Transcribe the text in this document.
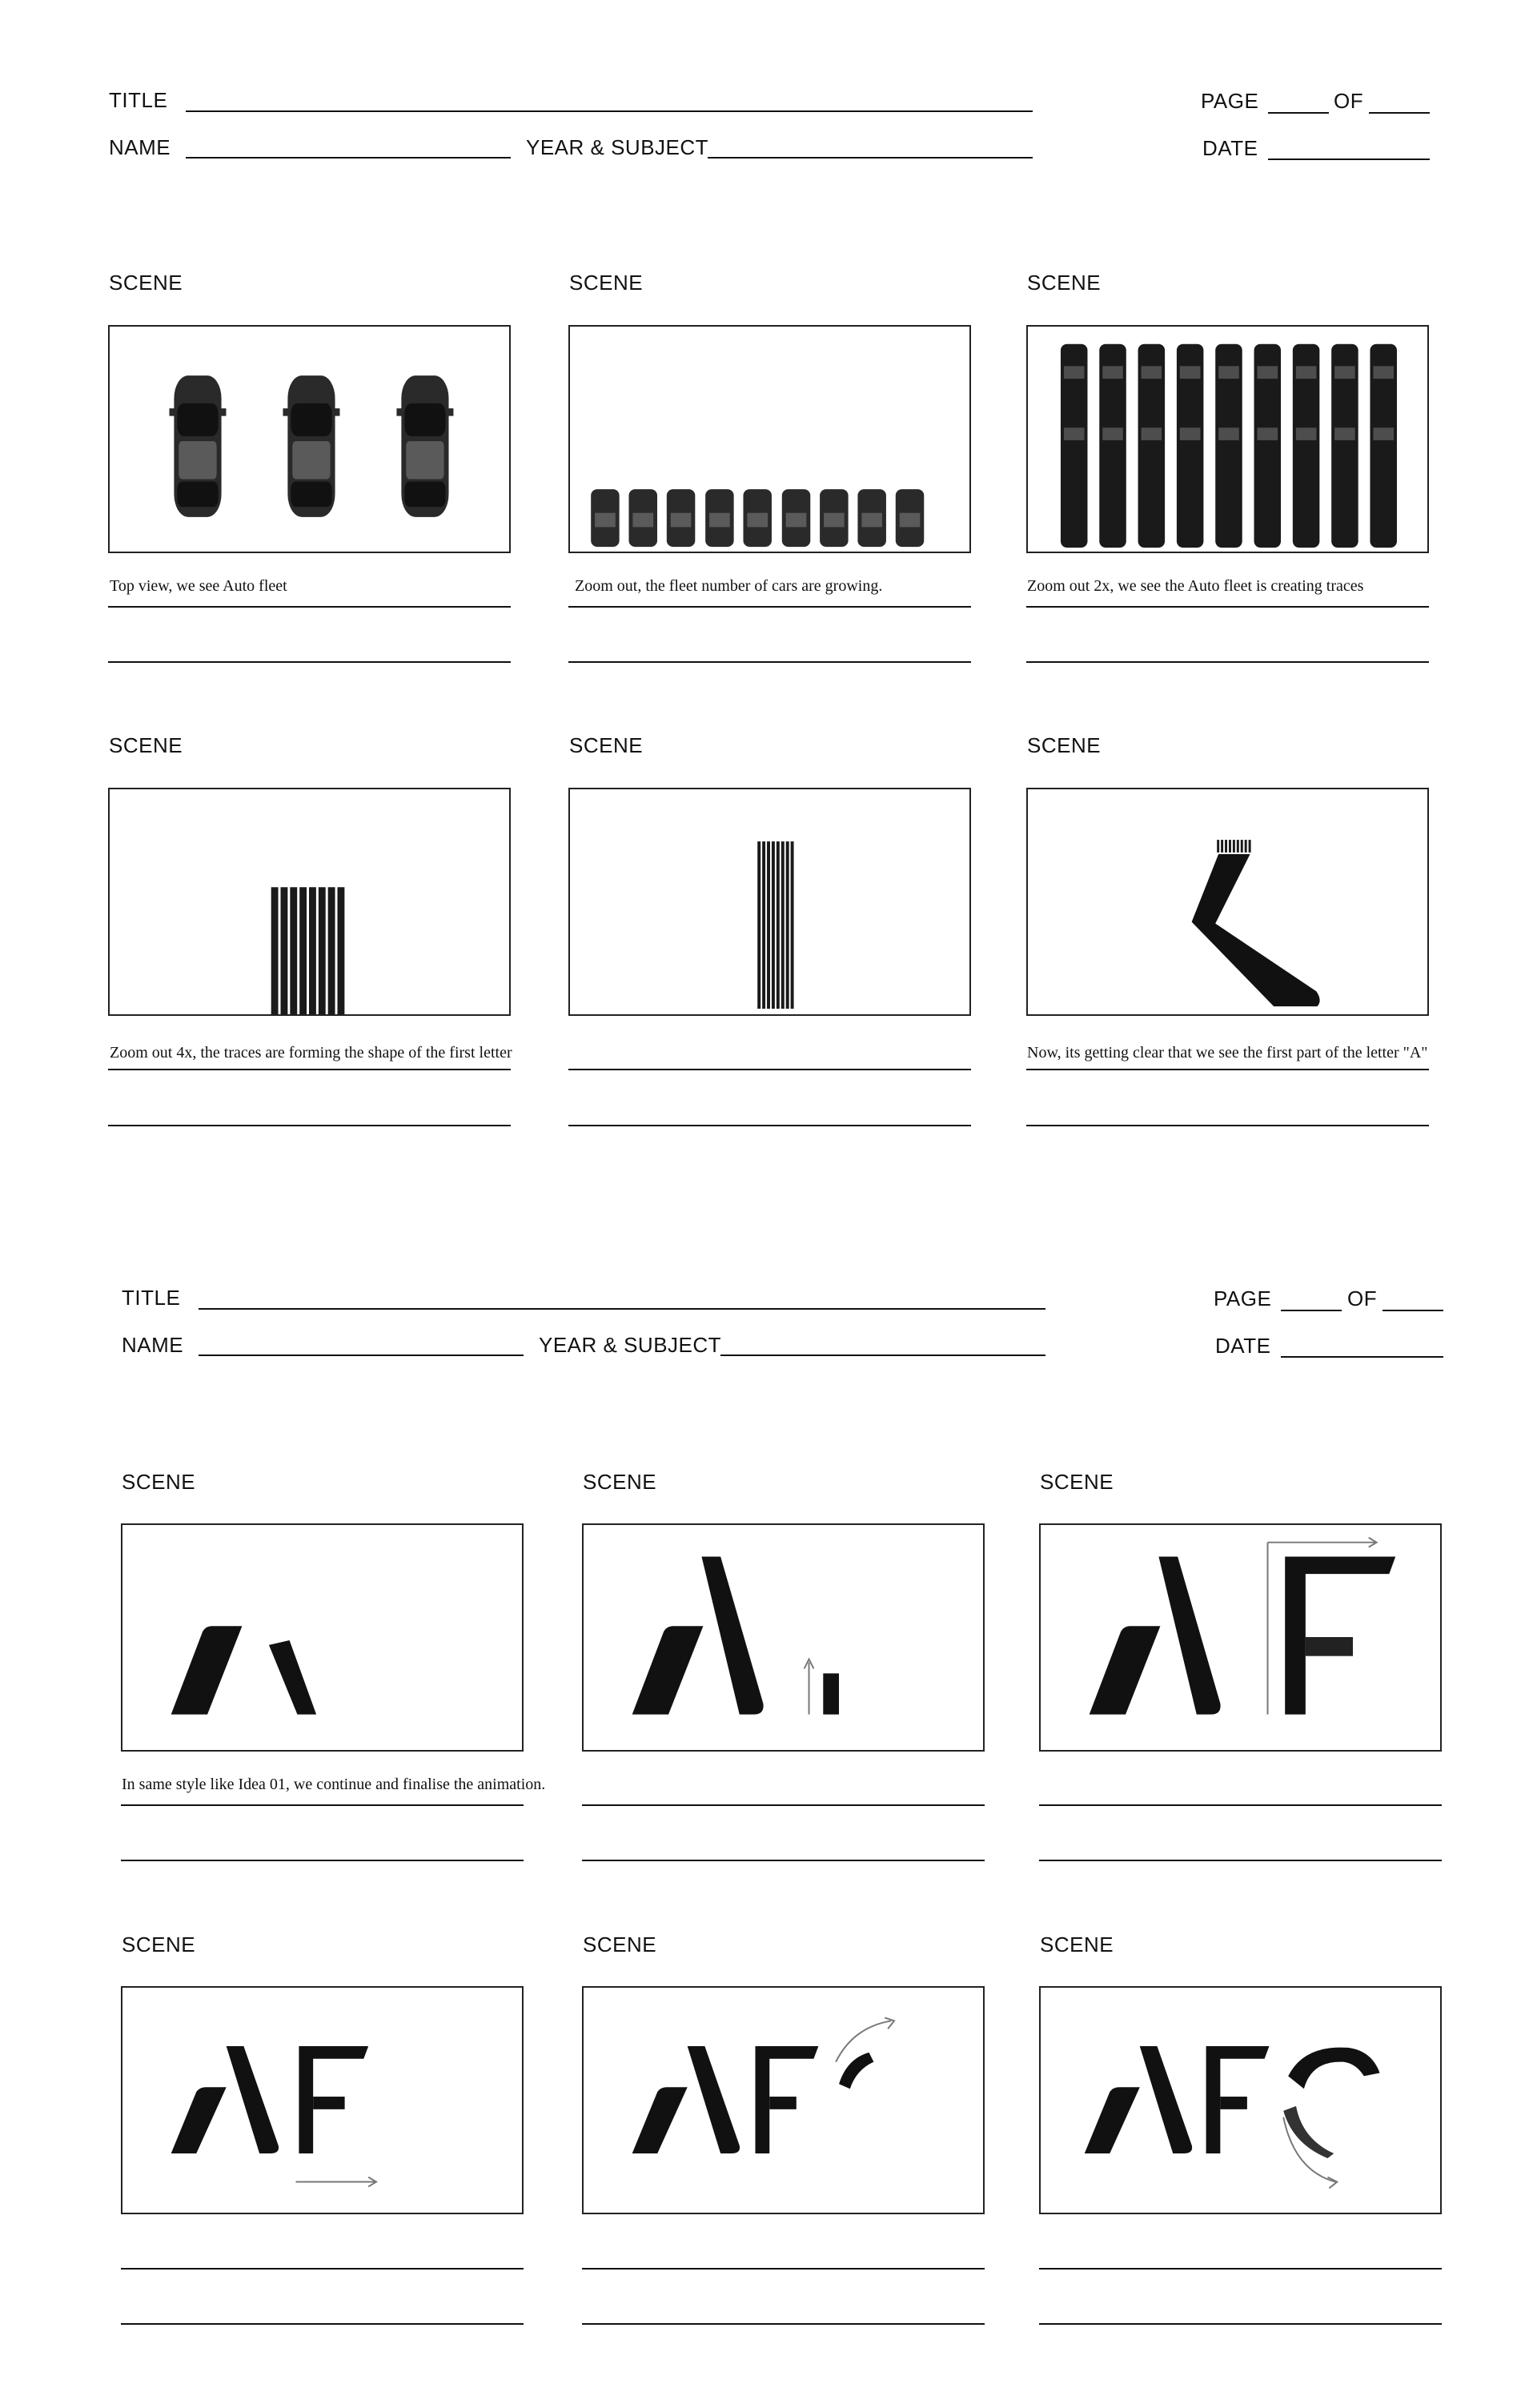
TITLE	PAGE	OF
NAME	YEAR & SUBJECT	DATE
SCENE
Top view, we see Auto fleet
SCENE
Zoom out, the fleet number of cars are growing.
SCENE
Zoom out 2x, we see the Auto fleet is creating traces
SCENE
Zoom out 4x, the traces are forming the shape of the first letter
SCENE	SCENE
Now, its getting clear that we see the first part of the letter "A"
TITLE	PAGE	OF
NAME	YEAR & SUBJECT	DATE
SCENE
In same style like Idea 01, we continue and finalise the animation.
SCENE	SCENE
SCENE	SCENE	SCENE
